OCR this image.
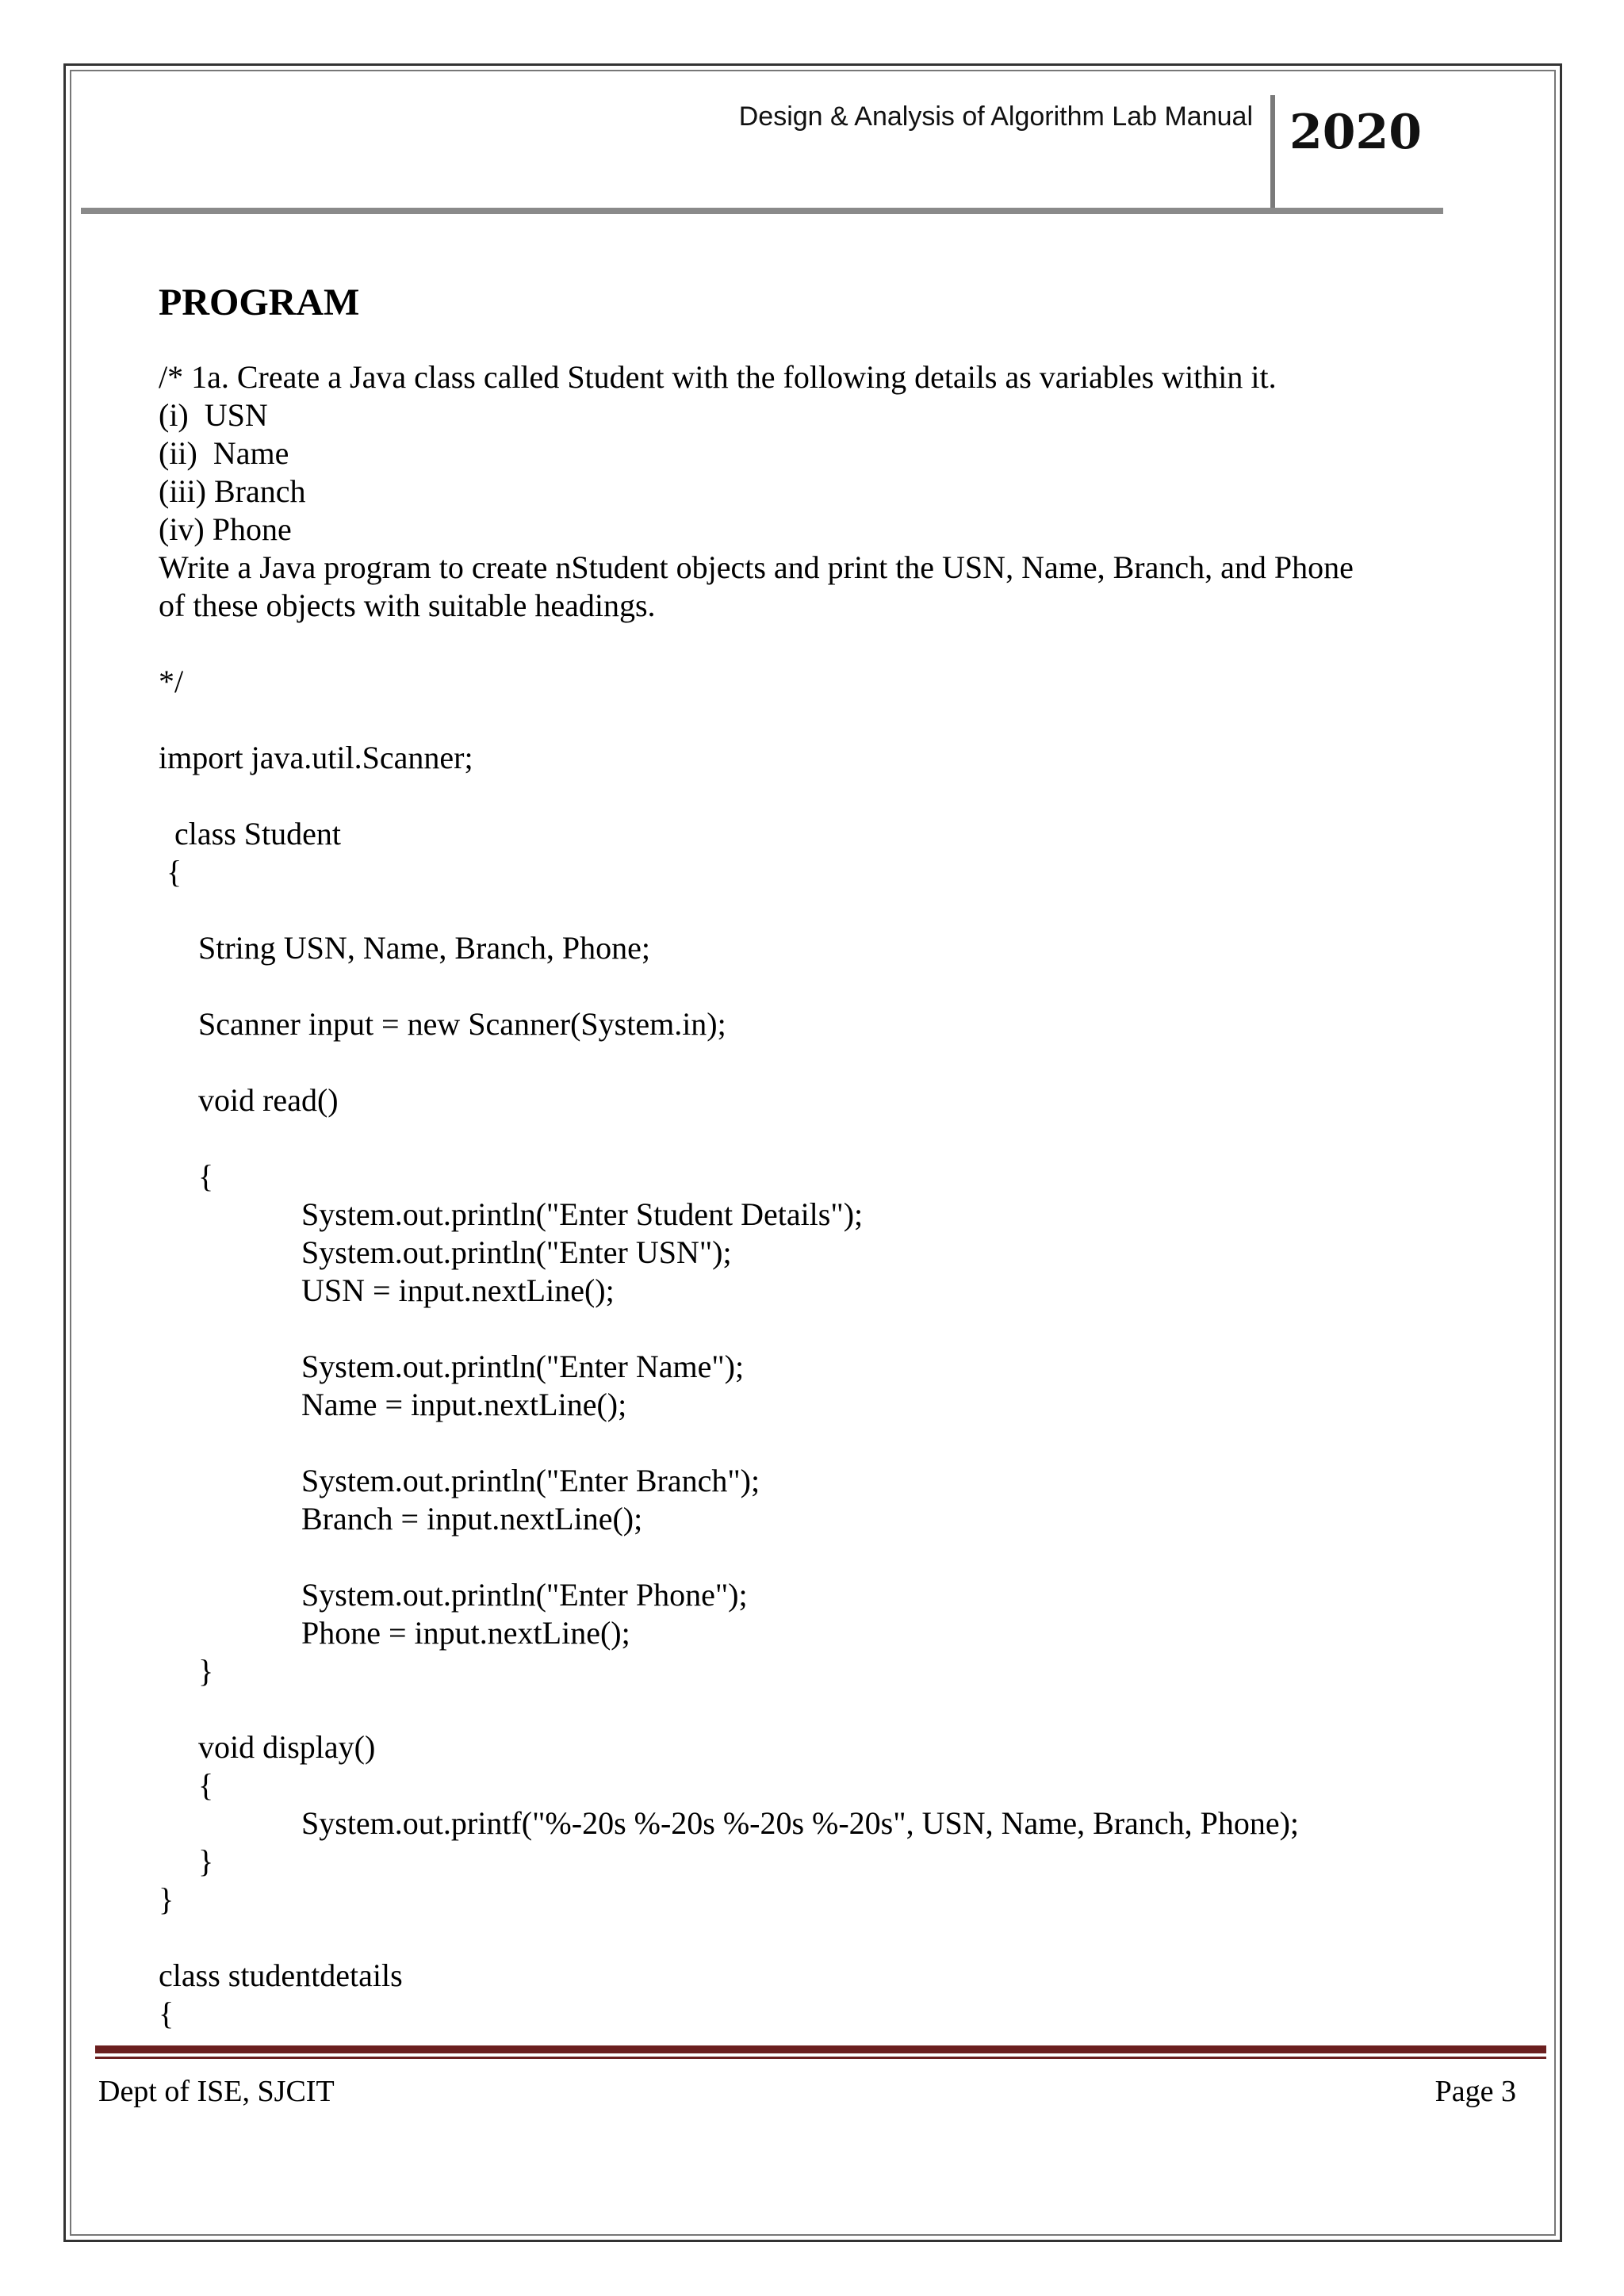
Design & Analysis of Algorithm Lab Manual 2020
PROGRAM
/* 1a. Create a Java class called Student with the following details as variables within it.
(i)  USN
(ii)  Name
(iii) Branch
(iv) Phone
Write a Java program to create nStudent objects and print the USN, Name, Branch, and Phone
of these objects with suitable headings.
*/
import java.util.Scanner;
class Student
{
String USN, Name, Branch, Phone;
Scanner input = new Scanner(System.in);
void read()
{
System.out.println("Enter Student Details");
System.out.println("Enter USN");
USN = input.nextLine();
System.out.println("Enter Name");
Name = input.nextLine();
System.out.println("Enter Branch");
Branch = input.nextLine();
System.out.println("Enter Phone");
Phone = input.nextLine();
}
void display()
{
System.out.printf("%-20s %-20s %-20s %-20s", USN, Name, Branch, Phone);
}
}
class studentdetails
{
Dept of ISE, SJCIT	Page 3
